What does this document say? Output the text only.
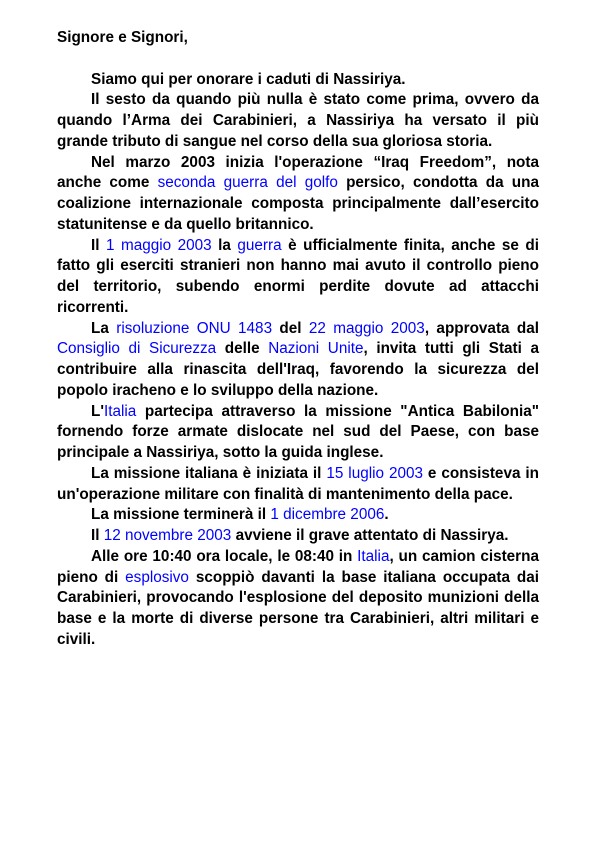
Signore e Signori,

Siamo qui per onorare i caduti di Nassiriya.

Il sesto da quando più nulla è stato come prima, ovvero da quando l’Arma dei Carabinieri, a Nassiriya ha versato il più grande tributo di sangue nel corso della sua gloriosa storia.

Nel marzo 2003 inizia l'operazione “Iraq Freedom”, nota anche come seconda guerra del golfo persico, condotta da una coalizione internazionale composta principalmente dall’esercito statunitense e da quello britannico.

Il 1 maggio 2003 la guerra è ufficialmente finita, anche se di fatto gli eserciti stranieri non hanno mai avuto il controllo pieno del territorio, subendo enormi perdite dovute ad attacchi ricorrenti.

La risoluzione ONU 1483 del 22 maggio 2003, approvata dal Consiglio di Sicurezza delle Nazioni Unite, invita tutti gli Stati a contribuire alla rinascita dell'Iraq, favorendo la sicurezza del popolo iracheno e lo sviluppo della nazione.

L'Italia partecipa attraverso la missione "Antica Babilonia" fornendo forze armate dislocate nel sud del Paese, con base principale a Nassiriya, sotto la guida inglese.

La missione italiana è iniziata il 15 luglio 2003 e consisteva in un'operazione militare con finalità di mantenimento della pace.

La missione terminerà il 1 dicembre 2006.

Il 12 novembre 2003 avviene il grave attentato di Nassirya.

Alle ore 10:40 ora locale, le 08:40 in Italia, un camion cisterna pieno di esplosivo scoppiò davanti la base italiana occupata dai Carabinieri, provocando l'esplosione del deposito munizioni della base e la morte di diverse persone tra Carabinieri, altri militari e civili.
